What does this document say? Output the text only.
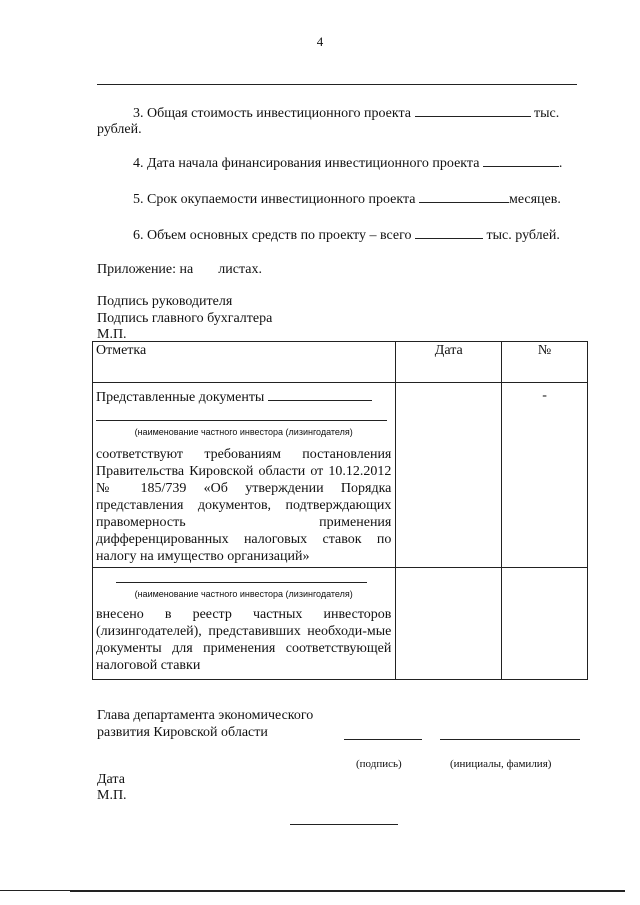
4
3. Общая стоимость инвестиционного проекта	тыс.
рублей.
4. Дата начала финансирования инвестиционного проекта	.
5. Срок окупаемости инвестиционного проекта	месяцев.
6. Объем основных средств по проекту – всего	тыс. рублей.
Приложение: на листах.
Подпись руководителя
Подпись главного бухгалтера
М.П.
Отметка	Дата	№

Представленные документы
(наименование частного инвестора (лизингодателя)
соответствуют требованиям постановления Правительства Кировской области от 10.12.2012 № 185/739 «Об утверждении Порядка представления документов, подтверждающих правомерность применения дифференцированных налоговых ставок по налогу на имущество организаций»		-

(наименование частного инвестора (лизингодателя)
внесено в реестр частных инвесторов (лизингодателей), представивших необходи-мые документы для применения соответствующей налоговой ставки		

Глава департамента экономического
развития Кировской области
(подпись)	(инициалы, фамилия)
Дата
М.П.
